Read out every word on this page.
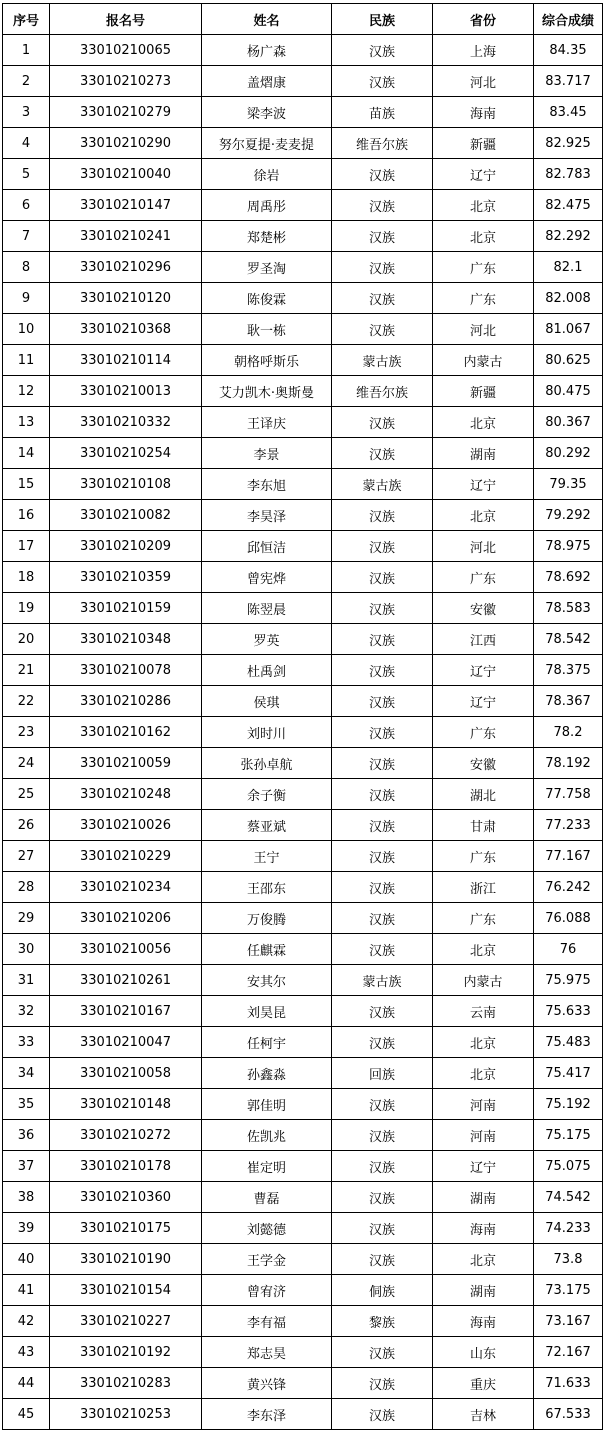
序号	报名号	姓名	民族	省份	综合成绩
1	33010210065	杨广森	汉族	上海	84.35
2	33010210273	盖熠康	汉族	河北	83.717
3	33010210279	梁李波	苗族	海南	83.45
4	33010210290	努尔夏提·麦麦提	维吾尔族	新疆	82.925
5	33010210040	徐岩	汉族	辽宁	82.783
6	33010210147	周禹彤	汉族	北京	82.475
7	33010210241	郑楚彬	汉族	北京	82.292
8	33010210296	罗圣淘	汉族	广东	82.1
9	33010210120	陈俊霖	汉族	广东	82.008
10	33010210368	耿一栋	汉族	河北	81.067
11	33010210114	朝格呼斯乐	蒙古族	内蒙古	80.625
12	33010210013	艾力凯木·奥斯曼	维吾尔族	新疆	80.475
13	33010210332	王译庆	汉族	北京	80.367
14	33010210254	李景	汉族	湖南	80.292
15	33010210108	李东旭	蒙古族	辽宁	79.35
16	33010210082	李昊泽	汉族	北京	79.292
17	33010210209	邱恒洁	汉族	河北	78.975
18	33010210359	曾宪烨	汉族	广东	78.692
19	33010210159	陈翌晨	汉族	安徽	78.583
20	33010210348	罗英	汉族	江西	78.542
21	33010210078	杜禹剑	汉族	辽宁	78.375
22	33010210286	侯琪	汉族	辽宁	78.367
23	33010210162	刘时川	汉族	广东	78.2
24	33010210059	张孙卓航	汉族	安徽	78.192
25	33010210248	余子衡	汉族	湖北	77.758
26	33010210026	蔡亚斌	汉族	甘肃	77.233
27	33010210229	王宁	汉族	广东	77.167
28	33010210234	王邵东	汉族	浙江	76.242
29	33010210206	万俊腾	汉族	广东	76.088
30	33010210056	任麒霖	汉族	北京	76
31	33010210261	安其尔	蒙古族	内蒙古	75.975
32	33010210167	刘昊昆	汉族	云南	75.633
33	33010210047	任柯宇	汉族	北京	75.483
34	33010210058	孙鑫淼	回族	北京	75.417
35	33010210148	郭佳明	汉族	河南	75.192
36	33010210272	佐凯兆	汉族	河南	75.175
37	33010210178	崔定明	汉族	辽宁	75.075
38	33010210360	曹磊	汉族	湖南	74.542
39	33010210175	刘懿德	汉族	海南	74.233
40	33010210190	王学金	汉族	北京	73.8
41	33010210154	曾宥济	侗族	湖南	73.175
42	33010210227	李有福	黎族	海南	73.167
43	33010210192	郑志昊	汉族	山东	72.167
44	33010210283	黄兴锋	汉族	重庆	71.633
45	33010210253	李东泽	汉族	吉林	67.533
